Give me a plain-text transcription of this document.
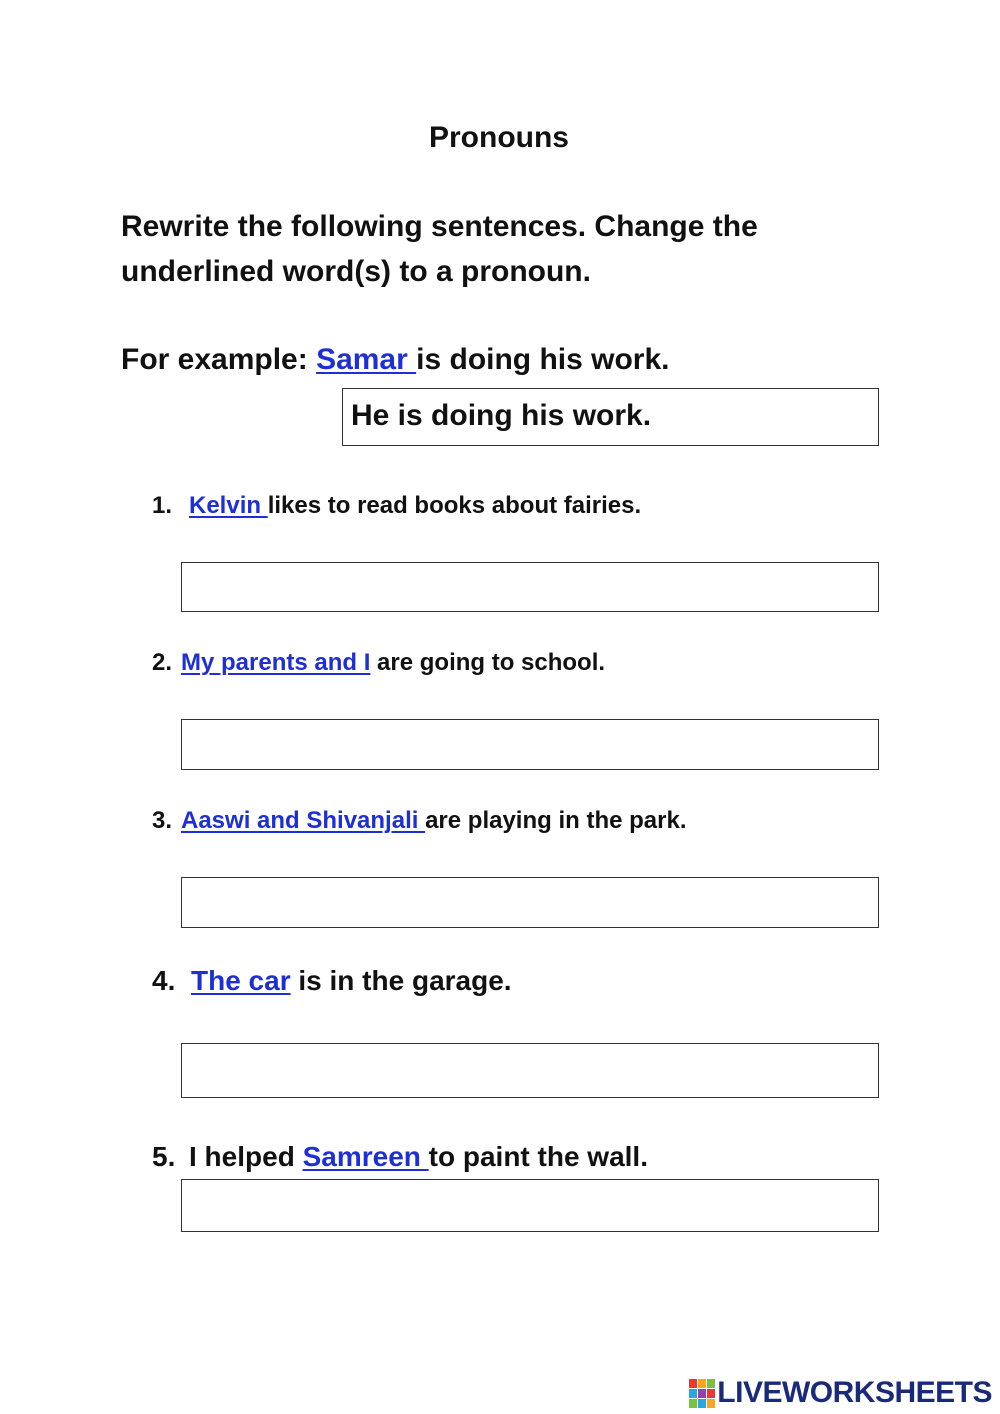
Pronouns
Rewrite the following sentences. Change the
underlined word(s) to a pronoun.
For example: Samar is doing his work.
He is doing his work.
1. Kelvin likes to read books about fairies.
2. My parents and I are going to school.
3. Aaswi and Shivanjali are playing in the park.
4. The car is in the garage.
5. I helped Samreen to paint the wall.
LIVEWORKSHEETS
